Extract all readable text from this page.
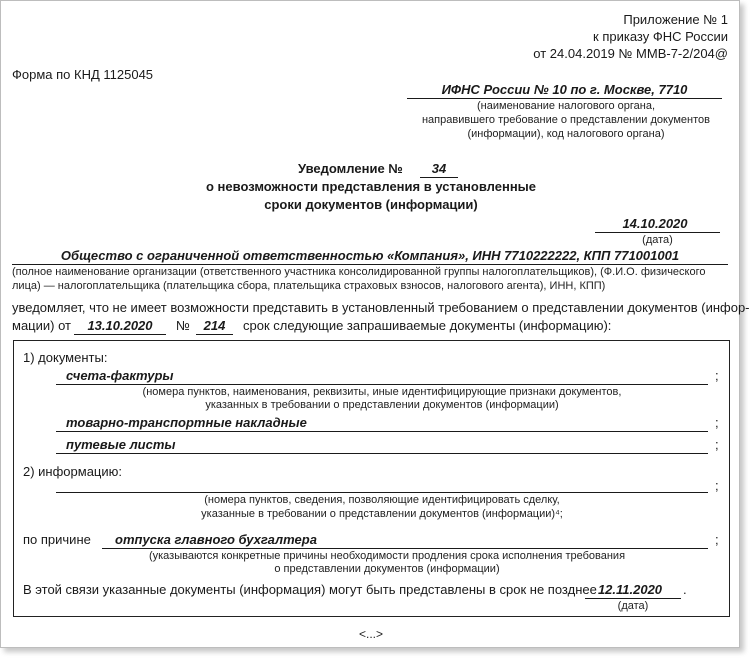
Приложение № 1
к приказу ФНС России
от 24.04.2019 № ММВ-7-2/204@
Форма по КНД 1125045
ИФНС России № 10 по г. Москве, 7710
(наименование налогового органа,
направившего требование о представлении документов
(информации), код налогового органа)
Уведомление №	34
о невозможности представления в установленные
сроки документов (информации)
14.10.2020
(дата)
Общество с ограниченной ответственностью «Компания», ИНН 7710222222, КПП 771001001
(полное наименование организации (ответственного участника консолидированной группы налогоплательщиков), (Ф.И.О. физического
лица) — налогоплательщика (плательщика сбора, плательщика страховых взносов, налогового агента), ИНН, КПП)
уведомляет, что не имеет возможности представить в установленный требованием о представлении документов (инфор-
мации) от	13.10.2020	№	214	срок следующие запрашиваемые документы (информацию):
1) документы:
счета-фактуры	;
(номера пунктов, наименования, реквизиты, иные идентифицирующие признаки документов,
указанных в требовании о представлении документов (информации)
товарно-транспортные накладные	;
путевые листы	;
2) информацию:
;
(номера пунктов, сведения, позволяющие идентифицировать сделку,
указанные в требовании о представлении документов (информации)⁴;
по причине отпуска главного бухгалтера	;
(указываются конкретные причины необходимости продления срока исполнения требования
о представлении документов (информации)
В этой связи указанные документы (информация) могут быть представлены в срок не позднее 12.11.2020	.
(дата)
<...>
